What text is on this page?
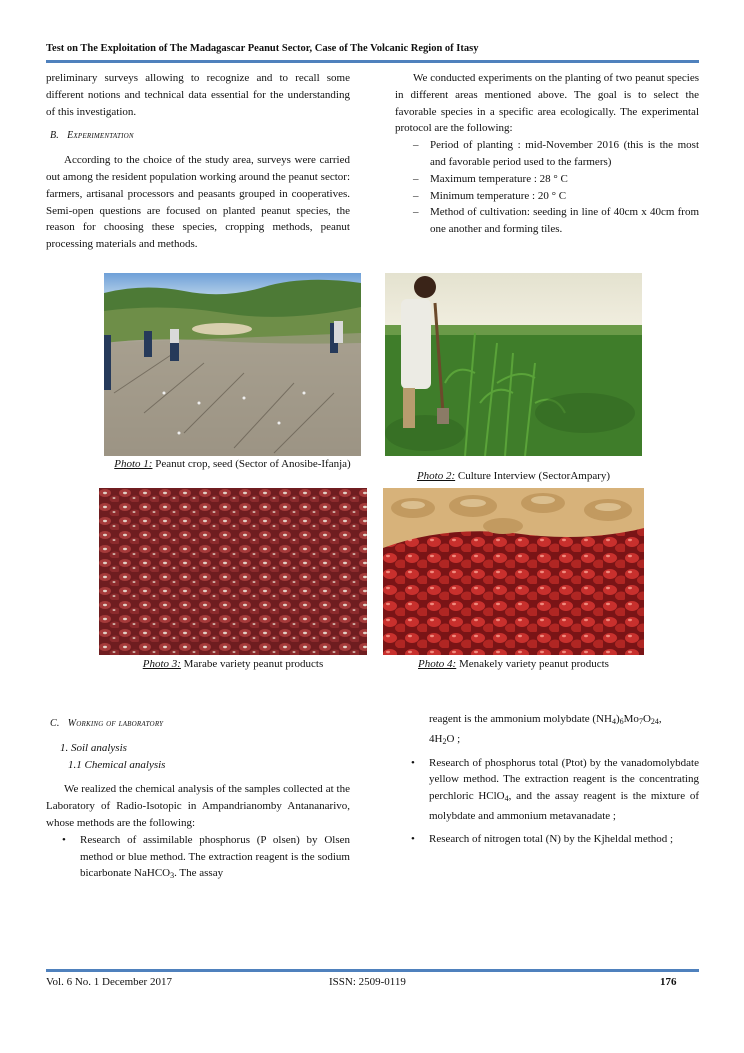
Test on The Exploitation of The Madagascar Peanut Sector, Case of The Volcanic Region of Itasy

preliminary surveys allowing to recognize and to recall some different notions and technical data essential for the understanding of this investigation.

B. Experimentation

According to the choice of the study area, surveys were carried out among the resident population working around the peanut sector: farmers, artisanal processors and peasants grouped in cooperatives. Semi-open questions are focused on planted peanut species, the reason for choosing these species, cropping methods, peanut processing materials and methods.

We conducted experiments on the planting of two peanut species in different areas mentioned above. The goal is to select the favorable species in a specific area ecologically. The experimental protocol are the following:

– Period of planting : mid-November 2016 (this is the most and favorable period used to the farmers)
– Maximum temperature : 28 ° C
– Minimum temperature : 20 ° C
– Method of cultivation: seeding in line of 40cm x 40cm from one another and forming tiles.
Photo 1: Peanut crop, seed (Sector of Anosibe-Ifanja)
Photo 2: Culture Interview (SectorAmpary)
Photo 3: Marabe variety peanut products	Photo 4: Menakely variety peanut products
C. Working of laboratory
1. Soil analysis
1.1 Chemical analysis

We realized the chemical analysis of the samples collected at the Laboratory of Radio-Isotopic in Ampandrianomby Antananarivo, whose methods are the following:

• Research of assimilable phosphorus (P olsen) by Olsen method or blue method. The extraction reagent is the sodium bicarbonate NaHCO$_3$. The assay

reagent is the ammonium molybdate $(NH_4)_6Mo_7O_{24}$,
$4H_2O$ ;

• Research of phosphorus total (Ptot) by the vanadomolybdate yellow method. The extraction reagent is the concentrating perchloric HClO$_4$, and the assay reagent is the mixture of molybdate and ammonium metavanadate ;
• Research of nitrogen total (N) by the Kjheldal method ;
Vol. 6 No. 1 December 2017	ISSN: 2509-0119	176
